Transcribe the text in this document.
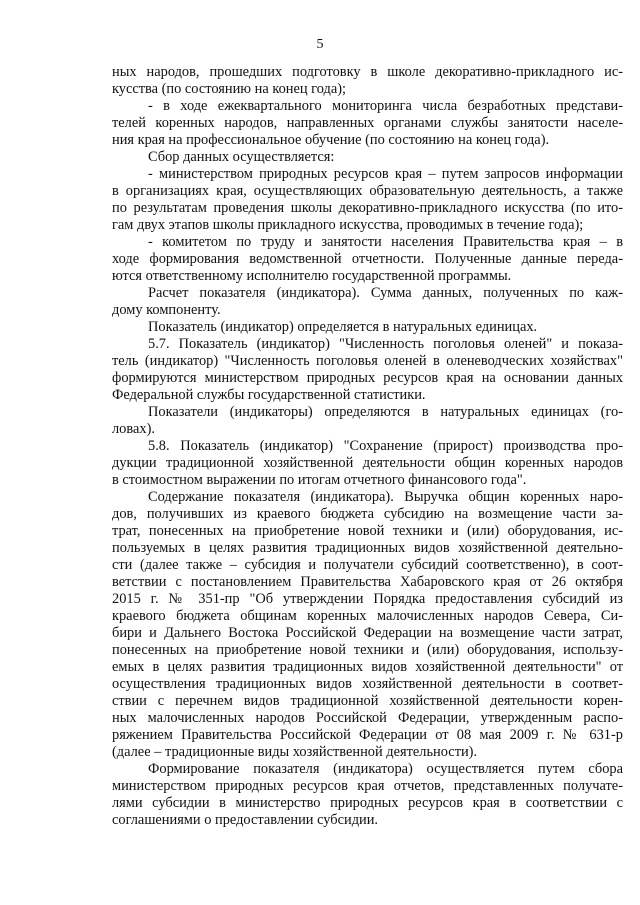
5
ных народов, прошедших подготовку в школе декоративно-прикладного ис-
кусства (по состоянию на конец года);
- в ходе ежеквартального мониторинга числа безработных представи-
телей коренных народов, направленных органами службы занятости населе-
ния края на профессиональное обучение (по состоянию на конец года).
Сбор данных осуществляется:
- министерством природных ресурсов края – путем запросов информации
в организациях края, осуществляющих образовательную деятельность, а также
по результатам проведения школы декоративно-прикладного искусства (по ито-
гам двух этапов школы прикладного искусства, проводимых в течение года);
- комитетом по труду и занятости населения Правительства края – в
ходе формирования ведомственной отчетности. Полученные данные переда-
ются ответственному исполнителю государственной программы.
Расчет показателя (индикатора). Сумма данных, полученных по каж-
дому компоненту.
Показатель (индикатор) определяется в натуральных единицах.
5.7. Показатель (индикатор) "Численность поголовья оленей" и показа-
тель (индикатор) "Численность поголовья оленей в оленеводческих хозяйствах"
формируются министерством природных ресурсов края на основании данных
Федеральной службы государственной статистики.
Показатели (индикаторы) определяются в натуральных единицах (го-
ловах).
5.8. Показатель (индикатор) "Сохранение (прирост) производства про-
дукции традиционной хозяйственной деятельности общин коренных народов
в стоимостном выражении по итогам отчетного финансового года".
Содержание показателя (индикатора). Выручка общин коренных наро-
дов, получивших из краевого бюджета субсидию на возмещение части за-
трат, понесенных на приобретение новой техники и (или) оборудования, ис-
пользуемых в целях развития традиционных видов хозяйственной деятельно-
сти (далее также – субсидия и получатели субсидий соответственно), в соот-
ветствии с постановлением Правительства Хабаровского края от 26 октября
2015 г. № 351-пр "Об утверждении Порядка предоставления субсидий из
краевого бюджета общинам коренных малочисленных народов Севера, Си-
бири и Дальнего Востока Российской Федерации на возмещение части затрат,
понесенных на приобретение новой техники и (или) оборудования, использу-
емых в целях развития традиционных видов хозяйственной деятельности" от
осуществления традиционных видов хозяйственной деятельности в соответ-
ствии с перечнем видов традиционной хозяйственной деятельности корен-
ных малочисленных народов Российской Федерации, утвержденным распо-
ряжением Правительства Российской Федерации от 08 мая 2009 г. № 631-р
(далее – традиционные виды хозяйственной деятельности).
Формирование показателя (индикатора) осуществляется путем сбора
министерством природных ресурсов края отчетов, представленных получате-
лями субсидии в министерство природных ресурсов края в соответствии с
соглашениями о предоставлении субсидии.
